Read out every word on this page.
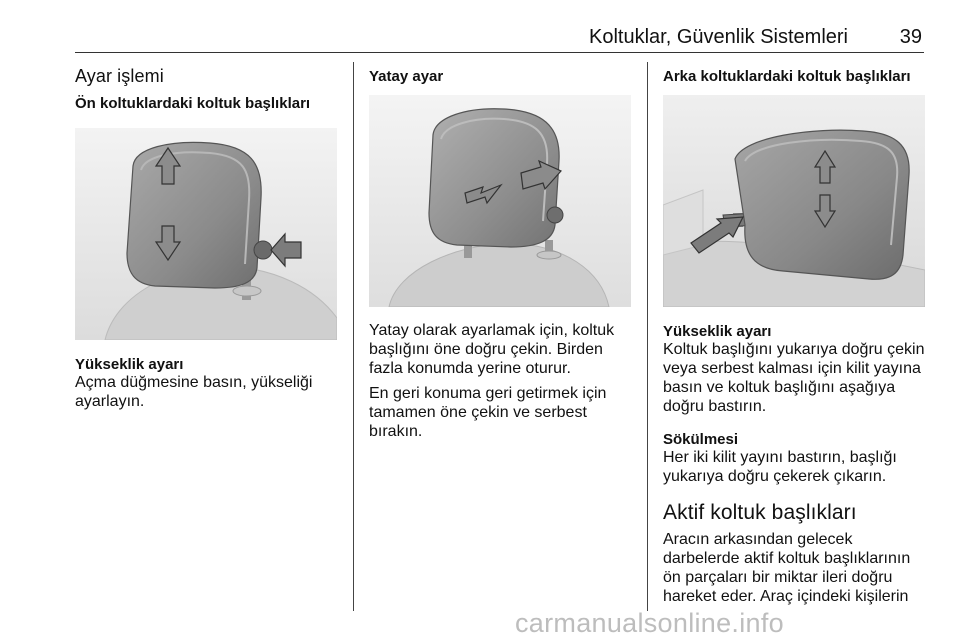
Koltuklar, Güvenlik Sistemleri	39
Ayar işlemi
Ön koltuklardaki koltuk başlıkları
Yükseklik ayarı

Açma düğmesine basın, yükseliği ayarlayın.

Yatay ayar

Yatay olarak ayarlamak için, koltuk başlığını öne doğru çekin. Birden fazla konumda yerine oturur.

En geri konuma geri getirmek için tamamen öne çekin ve serbest bırakın.

Arka koltuklardaki koltuk başlıkları
Yükseklik ayarı

Koltuk başlığını yukarıya doğru çekin veya serbest kalması için kilit yayına basın ve koltuk başlığını aşağıya doğru bastırın.

Sökülmesi

Her iki kilit yayını bastırın, başlığı yukarıya doğru çekerek çıkarın.

Aktif koltuk başlıkları

Aracın arkasından gelecek darbelerde aktif koltuk başlıklarının ön parçaları bir miktar ileri doğru hareket eder. Araç içindeki kişilerin

carmanualsonline.info
